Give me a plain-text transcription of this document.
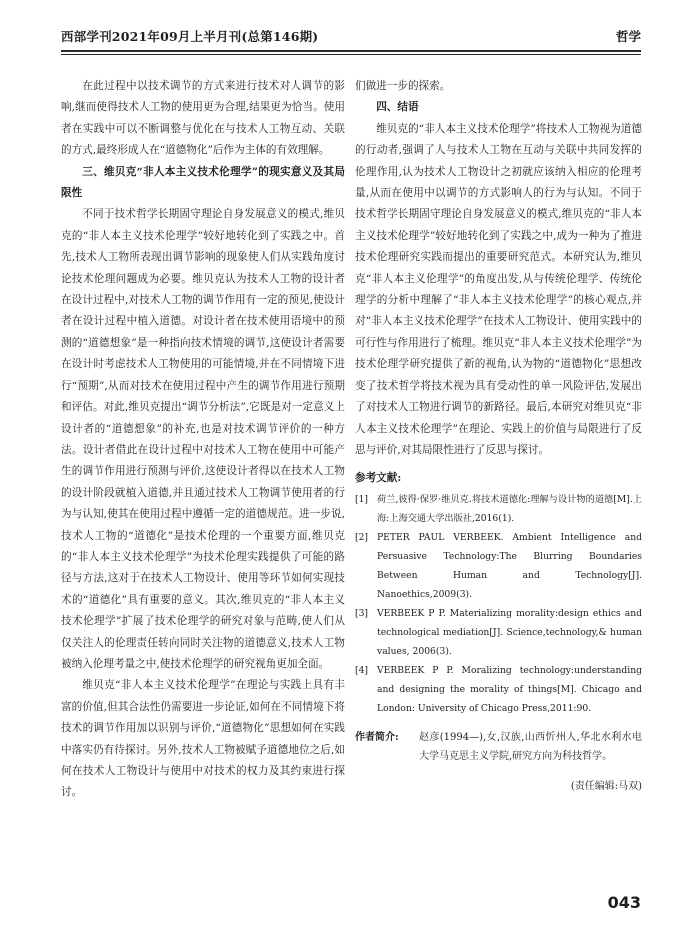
西部学刊2021年09月上半月刊(总第146期)	哲学

在此过程中以技术调节的方式来进行技术对人调节的影响,继而使得技术人工物的使用更为合理,结果更为恰当。使用者在实践中可以不断调整与优化在与技术人工物互动、关联的方式,最终形成人在“道德物化”后作为主体的有效理解。

三、维贝克“非人本主义技术伦理学”的现实意义及其局限性

不同于技术哲学长期固守理论自身发展意义的模式,维贝克的“非人本主义技术伦理学”较好地转化到了实践之中。首先,技术人工物所表现出调节影响的现象使人们从实践角度讨论技术伦理问题成为必要。维贝克认为技术人工物的设计者在设计过程中,对技术人工物的调节作用有一定的预见,使设计者在设计过程中植入道德。对设计者在技术使用语境中的预测的“道德想象”是一种指向技术情境的调节,这使设计者需要在设计时考虑技术人工物使用的可能情境,并在不同情境下进行“预期”,从而对技术在使用过程中产生的调节作用进行预期和评估。对此,维贝克提出“调节分析法”,它既是对一定意义上设计者的“道德想象”的补充,也是对技术调节评价的一种方法。设计者借此在设计过程中对技术人工物在使用中可能产生的调节作用进行预测与评价,这使设计者得以在技术人工物的设计阶段就植入道德,并且通过技术人工物调节使用者的行为与认知,使其在使用过程中遵循一定的道德规范。进一步说,技术人工物的“道德化”是技术伦理的一个重要方面,维贝克的“非人本主义技术伦理学”为技术伦理实践提供了可能的路径与方法,这对于在技术人工物设计、使用等环节如何实现技术的“道德化”具有重要的意义。其次,维贝克的“非人本主义技术伦理学”扩展了技术伦理学的研究对象与范畴,使人们从仅关注人的伦理责任转向同时关注物的道德意义,技术人工物被纳入伦理考量之中,使技术伦理学的研究视角更加全面。

维贝克“非人本主义技术伦理学”在理论与实践上具有丰富的价值,但其合法性仍需要进一步论证,如何在不同情境下将技术的调节作用加以识别与评价,“道德物化”思想如何在实践中落实仍有待探讨。另外,技术人工物被赋予道德地位之后,如何在技术人工物设计与使用中对技术的权力及其约束进行探讨。

们做进一步的探索。

四、结语

维贝克的“非人本主义技术伦理学”将技术人工物视为道德的行动者,强调了人与技术人工物在互动与关联中共同发挥的伦理作用,认为技术人工物设计之初就应该纳入相应的伦理考量,从而在使用中以调节的方式影响人的行为与认知。不同于技术哲学长期固守理论自身发展意义的模式,维贝克的“非人本主义技术伦理学”较好地转化到了实践之中,成为一种为了推进技术伦理研究实践而提出的重要研究范式。本研究认为,维贝克“非人本主义伦理学”的角度出发,从与传统伦理学、传统伦理学的分析中理解了“非人本主义技术伦理学”的核心观点,并对“非人本主义技术伦理学”在技术人工物设计、使用实践中的可行性与作用进行了梳理。维贝克“非人本主义技术伦理学”为技术伦理学研究提供了新的视角,认为物的“道德物化”思想改变了技术哲学将技术视为具有受动性的单一风险评估,发展出了对技术人工物进行调节的新路径。最后,本研究对维贝克“非人本主义技术伦理学”在理论、实践上的价值与局限进行了反思与评价,对其局限性进行了反思与探讨。

参考文献:

[1] 荷兰,彼得·保罗·维贝克.将技术道德化:理解与设计物的道德[M].上海:上海交通大学出版社,2016(1).
[2] PETER PAUL VERBEEK. Ambient Intelligence and Persuasive Technology:The Blurring Boundaries Between Human and Technology[J]. Nanoethics,2009(3).
[3] VERBEEK P P. Materializing morality:design ethics and technological mediation[J]. Science,technology,& human values, 2006(3).
[4] VERBEEK P P. Moralizing technology:understanding and designing the morality of things[M]. Chicago and London: University of Chicago Press,2011:90.
作者简介:	赵彦(1994—),女,汉族,山西忻州人,华北水利水电大学马克思主义学院,研究方向为科技哲学。
(责任编辑:马双)
043
